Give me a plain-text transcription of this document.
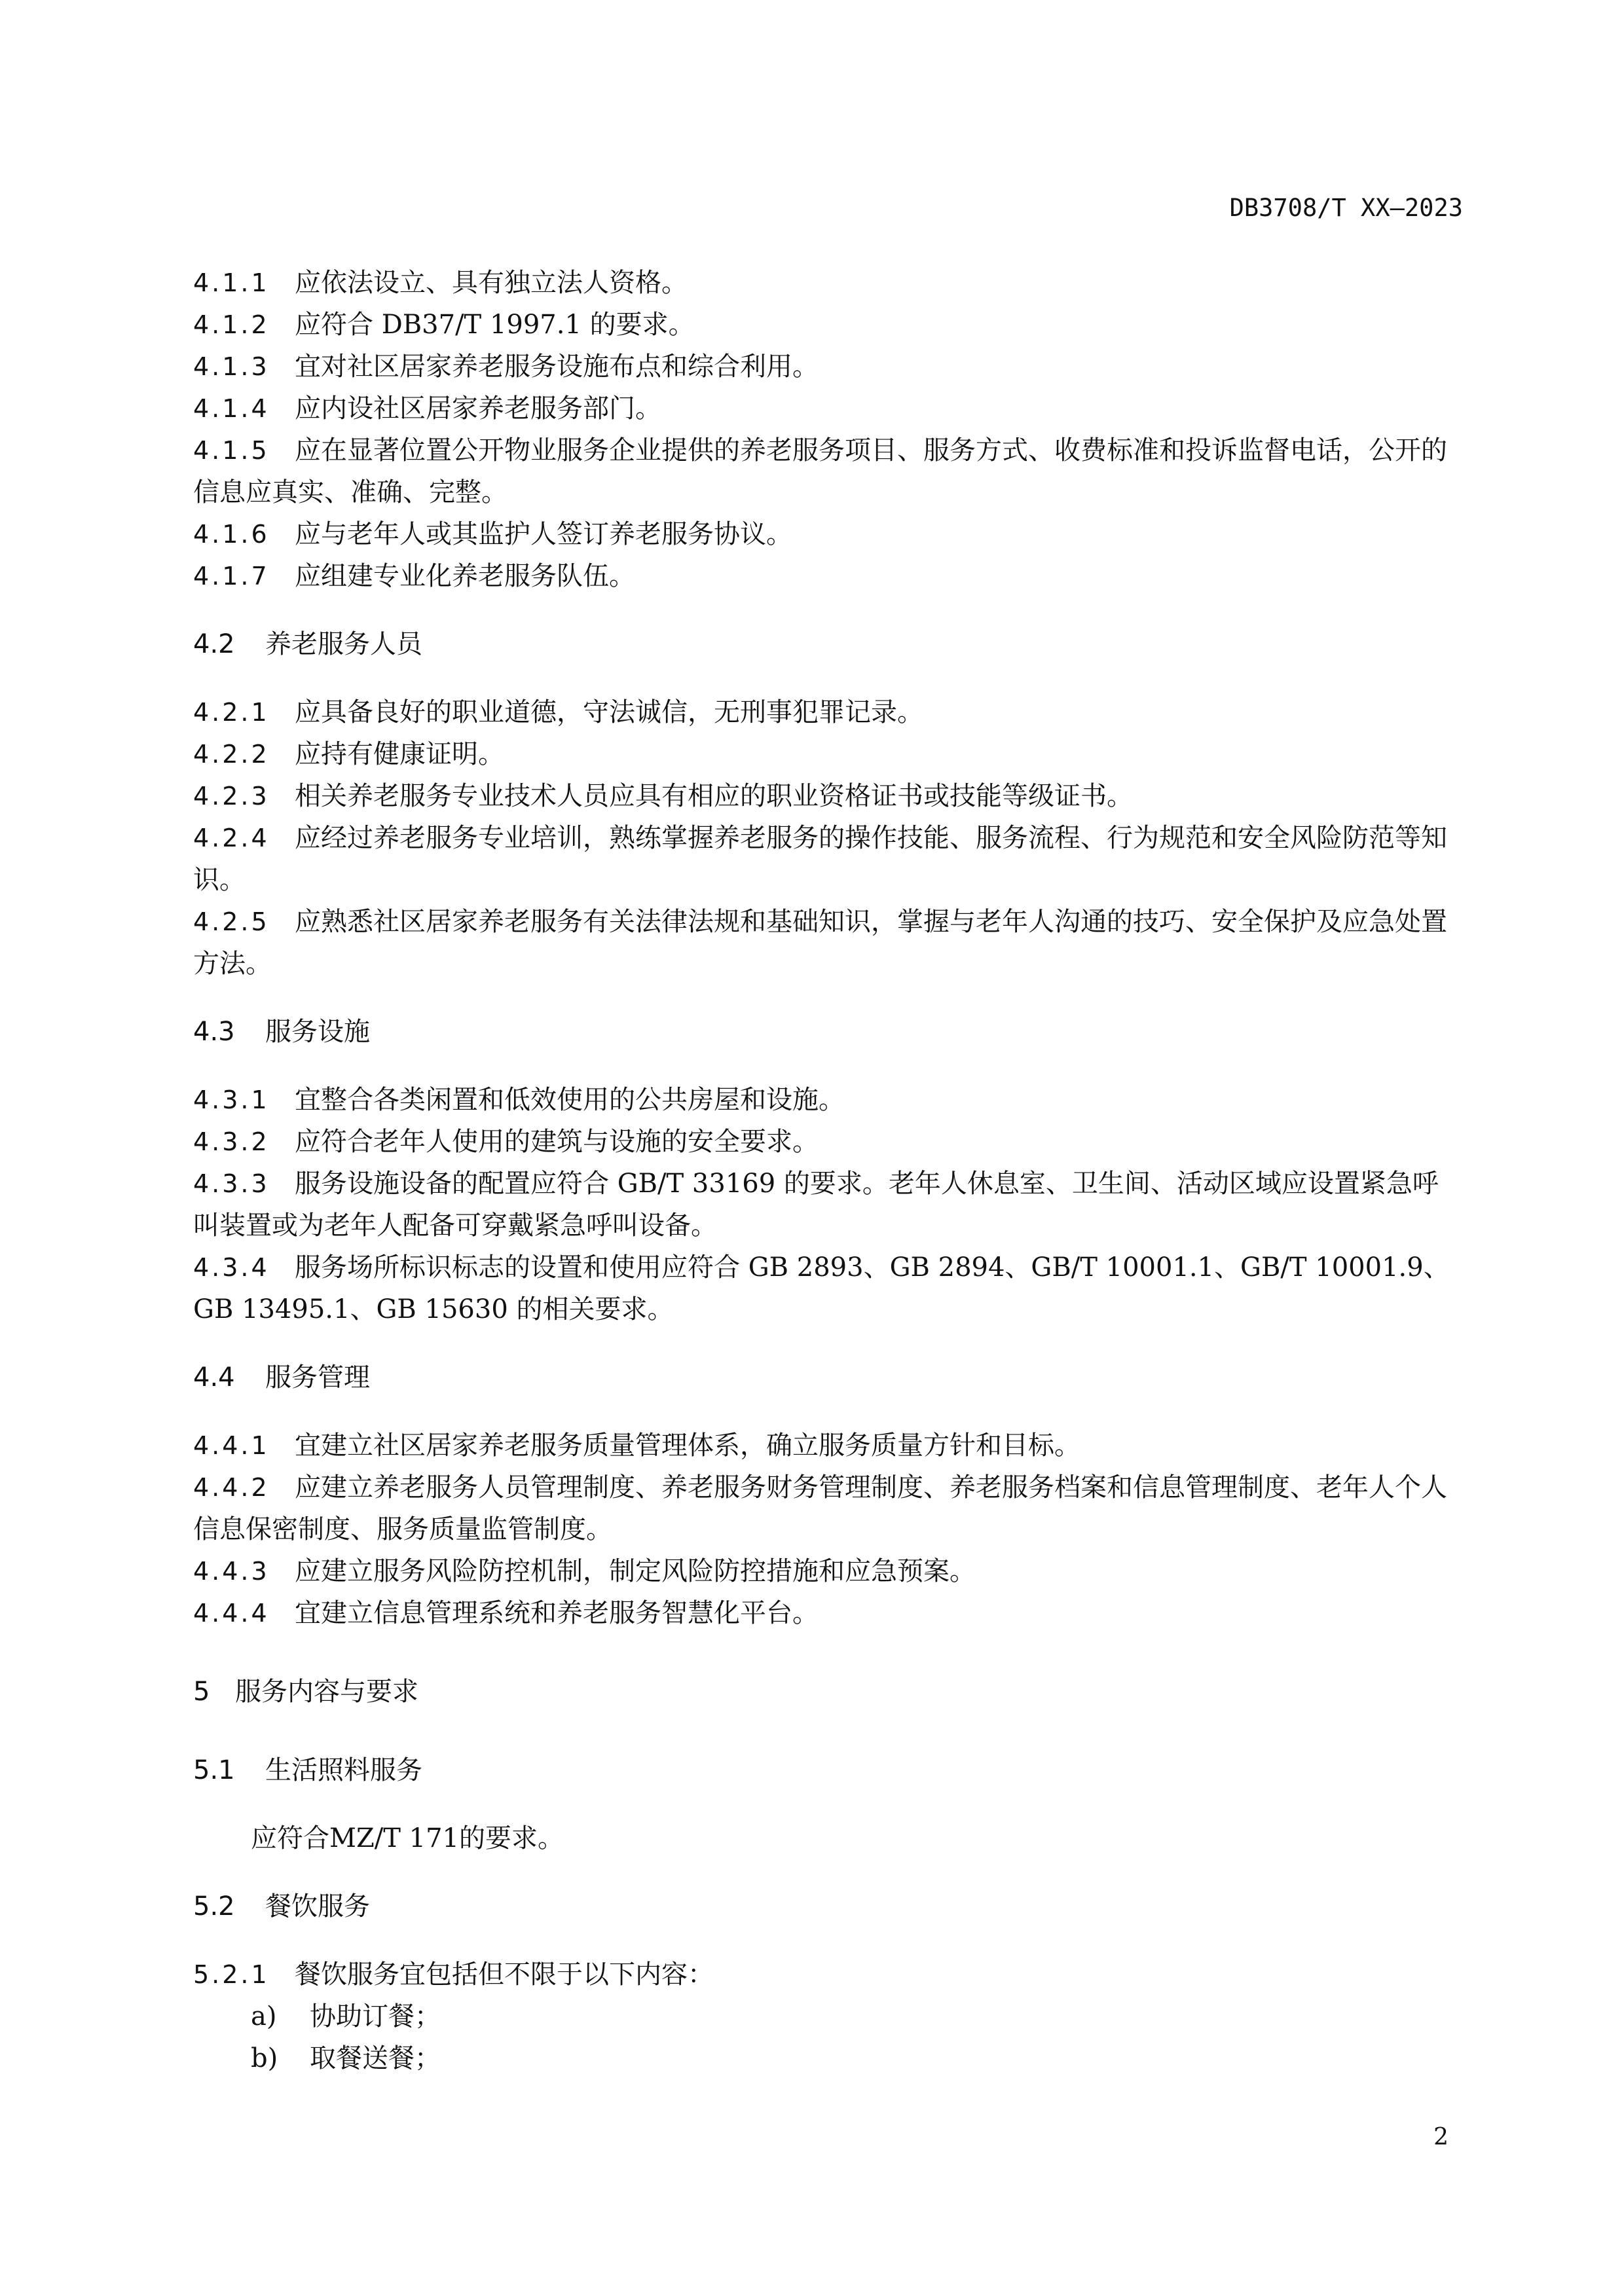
DB3708/T XX—2023
4.1.1 应依法设立、具有独立法人资格。
4.1.2 应符合 DB37/T 1997.1 的要求。
4.1.3 宜对社区居家养老服务设施布点和综合利用。
4.1.4 应内设社区居家养老服务部门。
4.1.5 应在显著位置公开物业服务企业提供的养老服务项目、服务方式、收费标准和投诉监督电话，公开的信息应真实、准确、完整。
4.1.6 应与老年人或其监护人签订养老服务协议。
4.1.7 应组建专业化养老服务队伍。
4.2 养老服务人员
4.2.1 应具备良好的职业道德，守法诚信，无刑事犯罪记录。
4.2.2 应持有健康证明。
4.2.3 相关养老服务专业技术人员应具有相应的职业资格证书或技能等级证书。
4.2.4 应经过养老服务专业培训，熟练掌握养老服务的操作技能、服务流程、行为规范和安全风险防范等知识。
4.2.5 应熟悉社区居家养老服务有关法律法规和基础知识，掌握与老年人沟通的技巧、安全保护及应急处置方法。
4.3 服务设施
4.3.1 宜整合各类闲置和低效使用的公共房屋和设施。
4.3.2 应符合老年人使用的建筑与设施的安全要求。
4.3.3 服务设施设备的配置应符合 GB/T 33169 的要求。老年人休息室、卫生间、活动区域应设置紧急呼叫装置或为老年人配备可穿戴紧急呼叫设备。
4.3.4 服务场所标识标志的设置和使用应符合 GB 2893、GB 2894、GB/T 10001.1、GB/T 10001.9、GB 13495.1、GB 15630 的相关要求。
4.4 服务管理
4.4.1 宜建立社区居家养老服务质量管理体系，确立服务质量方针和目标。
4.4.2 应建立养老服务人员管理制度、养老服务财务管理制度、养老服务档案和信息管理制度、老年人个人信息保密制度、服务质量监管制度。
4.4.3 应建立服务风险防控机制，制定风险防控措施和应急预案。
4.4.4 宜建立信息管理系统和养老服务智慧化平台。
5 服务内容与要求
5.1 生活照料服务
应符合MZ/T 171的要求。
5.2 餐饮服务
5.2.1 餐饮服务宜包括但不限于以下内容：
a) 协助订餐；
b) 取餐送餐；
2
